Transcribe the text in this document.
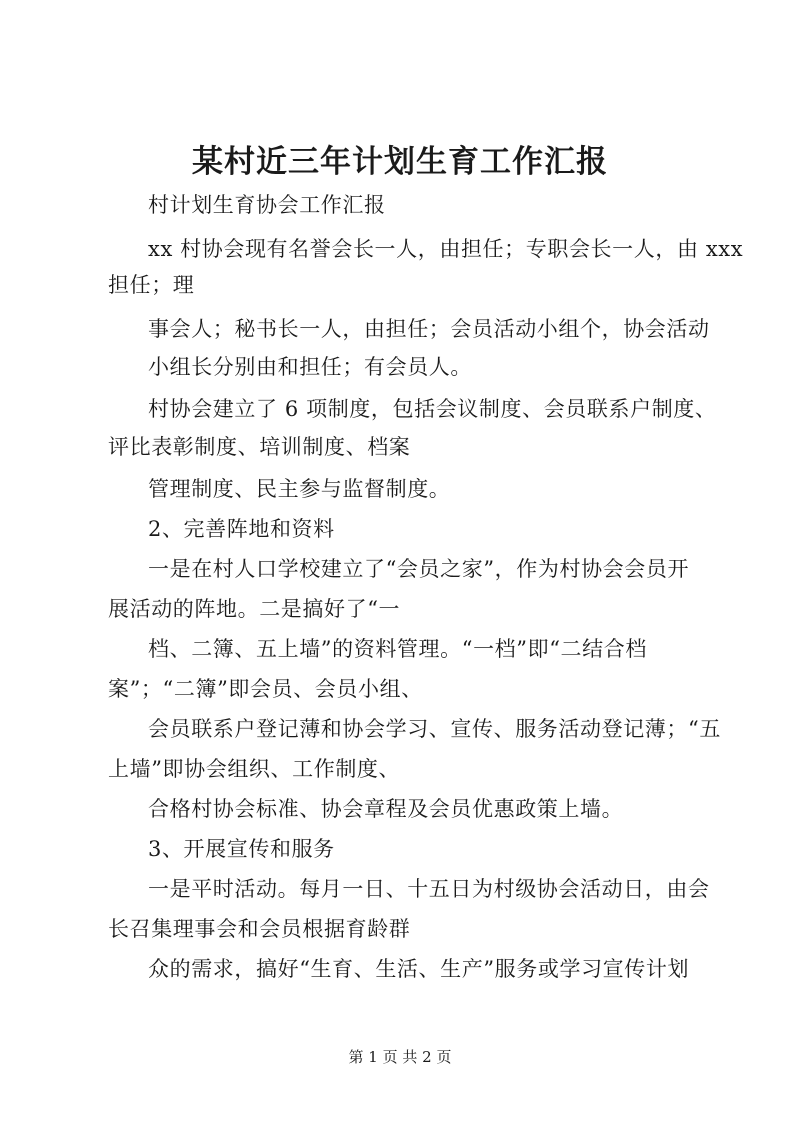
某村近三年计划生育工作汇报
村计划生育协会工作汇报
xx 村协会现有名誉会长一人，由担任；专职会长一人，由 xxx
担任；理
事会人；秘书长一人，由担任；会员活动小组个，协会活动
小组长分别由和担任；有会员人。
村协会建立了 6 项制度，包括会议制度、会员联系户制度、
评比表彰制度、培训制度、档案
管理制度、民主参与监督制度。
2、完善阵地和资料
一是在村人口学校建立了“会员之家”，作为村协会会员开
展活动的阵地。二是搞好了“一
档、二簿、五上墙”的资料管理。“一档”即“二结合档
案”；“二簿”即会员、会员小组、
会员联系户登记薄和协会学习、宣传、服务活动登记薄；“五
上墙”即协会组织、工作制度、
合格村协会标准、协会章程及会员优惠政策上墙。
3、开展宣传和服务
一是平时活动。每月一日、十五日为村级协会活动日，由会
长召集理事会和会员根据育龄群
众的需求，搞好“生育、生活、生产”服务或学习宣传计划
第 1 页 共 2 页
